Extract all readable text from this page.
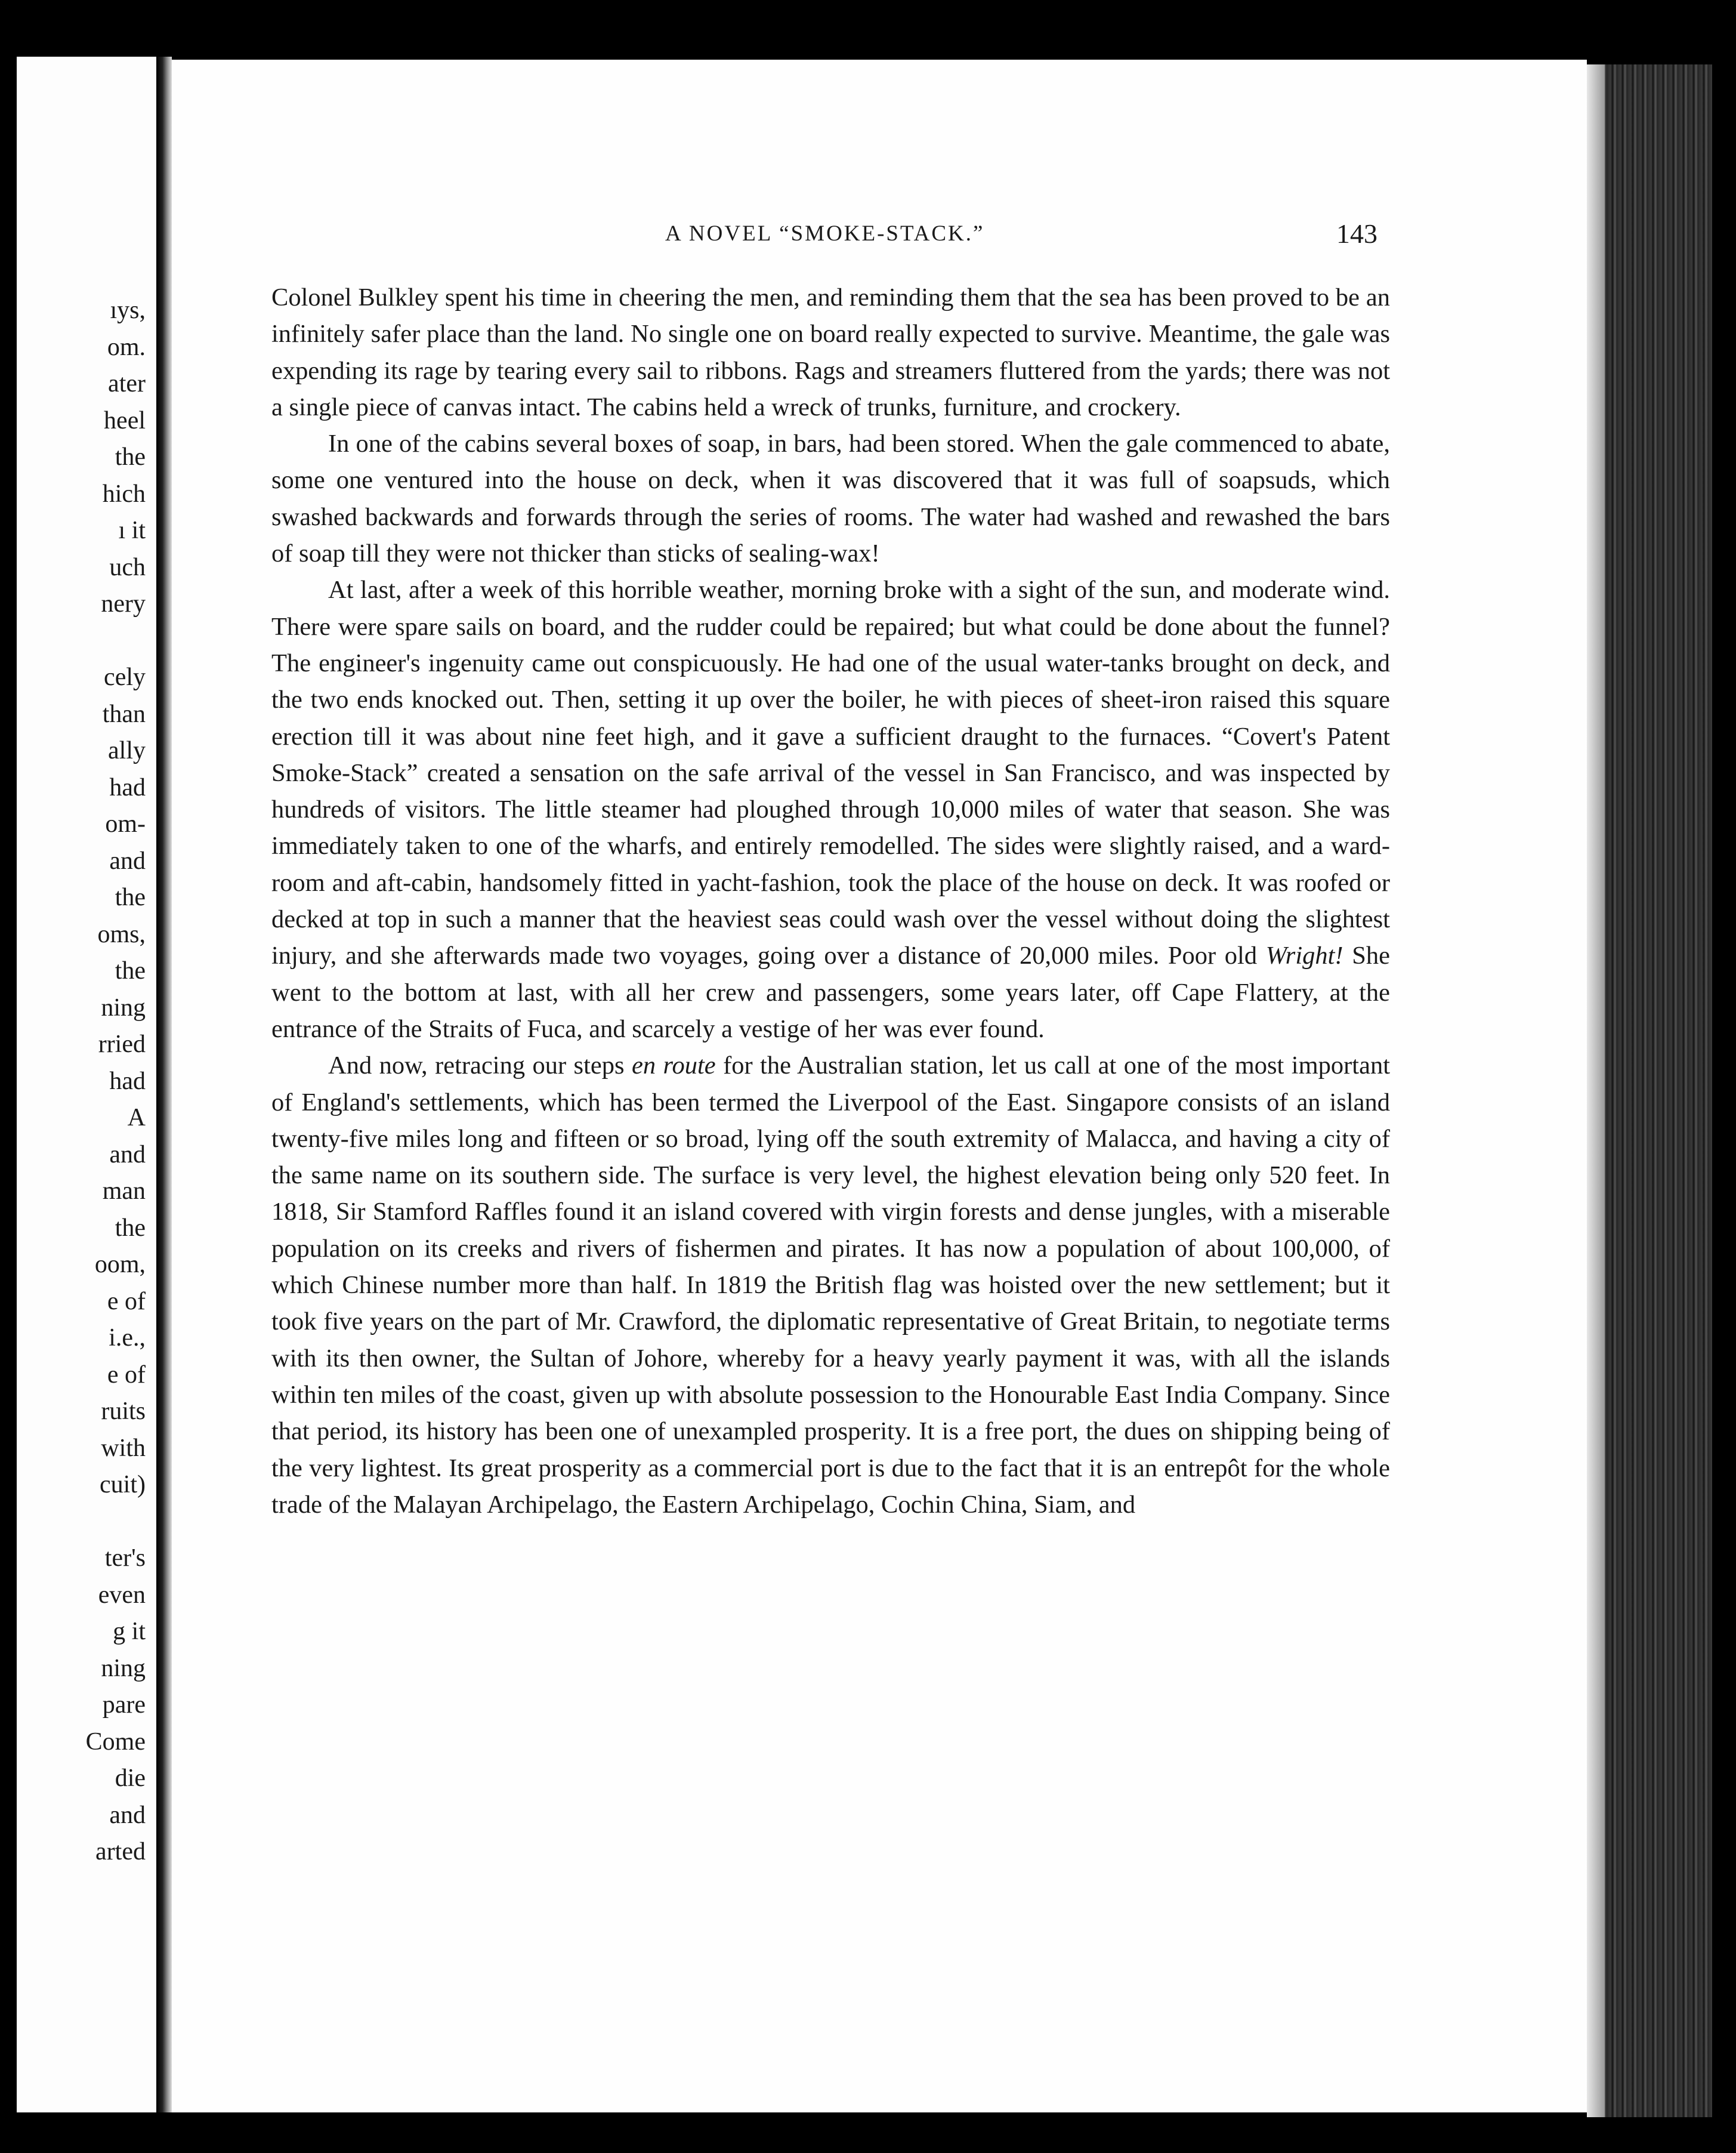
ıys,
om.
ater
heel
the
hich
ı it
uch
nery
cely
than
ally
had
om-
and
the
oms,
the
ning
rried
had
A
and
man
the
oom,
e of
i.e.,
e of
ruits
with
cuit)
ter's
even
g it
ning
pare
Come
die
and
arted
A NOVEL “SMOKE-STACK.”	143

Colonel Bulkley spent his time in cheering the men, and reminding them that the sea has been proved to be an infinitely safer place than the land. No single one on board really expected to survive. Meantime, the gale was expending its rage by tearing every sail to ribbons. Rags and streamers fluttered from the yards; there was not a single piece of canvas intact. The cabins held a wreck of trunks, furniture, and crockery.

In one of the cabins several boxes of soap, in bars, had been stored. When the gale commenced to abate, some one ventured into the house on deck, when it was discovered that it was full of soapsuds, which swashed backwards and forwards through the series of rooms. The water had washed and rewashed the bars of soap till they were not thicker than sticks of sealing-wax!

At last, after a week of this horrible weather, morning broke with a sight of the sun, and moderate wind. There were spare sails on board, and the rudder could be repaired; but what could be done about the funnel? The engineer's ingenuity came out conspicuously. He had one of the usual water-tanks brought on deck, and the two ends knocked out. Then, setting it up over the boiler, he with pieces of sheet-iron raised this square erection till it was about nine feet high, and it gave a sufficient draught to the furnaces. “Covert's Patent Smoke-Stack” created a sensation on the safe arrival of the vessel in San Francisco, and was inspected by hundreds of visitors. The little steamer had ploughed through 10,000 miles of water that season. She was immediately taken to one of the wharfs, and entirely remodelled. The sides were slightly raised, and a ward-room and aft-cabin, handsomely fitted in yacht-fashion, took the place of the house on deck. It was roofed or decked at top in such a manner that the heaviest seas could wash over the vessel without doing the slightest injury, and she afterwards made two voyages, going over a distance of 20,000 miles. Poor old Wright! She went to the bottom at last, with all her crew and passengers, some years later, off Cape Flattery, at the entrance of the Straits of Fuca, and scarcely a vestige of her was ever found.

And now, retracing our steps en route for the Australian station, let us call at one of the most important of England's settlements, which has been termed the Liverpool of the East. Singapore consists of an island twenty-five miles long and fifteen or so broad, lying off the south extremity of Malacca, and having a city of the same name on its southern side. The surface is very level, the highest elevation being only 520 feet. In 1818, Sir Stamford Raffles found it an island covered with virgin forests and dense jungles, with a miserable population on its creeks and rivers of fishermen and pirates. It has now a population of about 100,000, of which Chinese number more than half. In 1819 the British flag was hoisted over the new settlement; but it took five years on the part of Mr. Crawford, the diplomatic representative of Great Britain, to negotiate terms with its then owner, the Sultan of Johore, whereby for a heavy yearly payment it was, with all the islands within ten miles of the coast, given up with absolute possession to the Honourable East India Company. Since that period, its history has been one of unexampled prosperity. It is a free port, the dues on shipping being of the very lightest. Its great prosperity as a commercial port is due to the fact that it is an entrepôt for the whole trade of the Malayan Archipelago, the Eastern Archipelago, Cochin China, Siam, and
